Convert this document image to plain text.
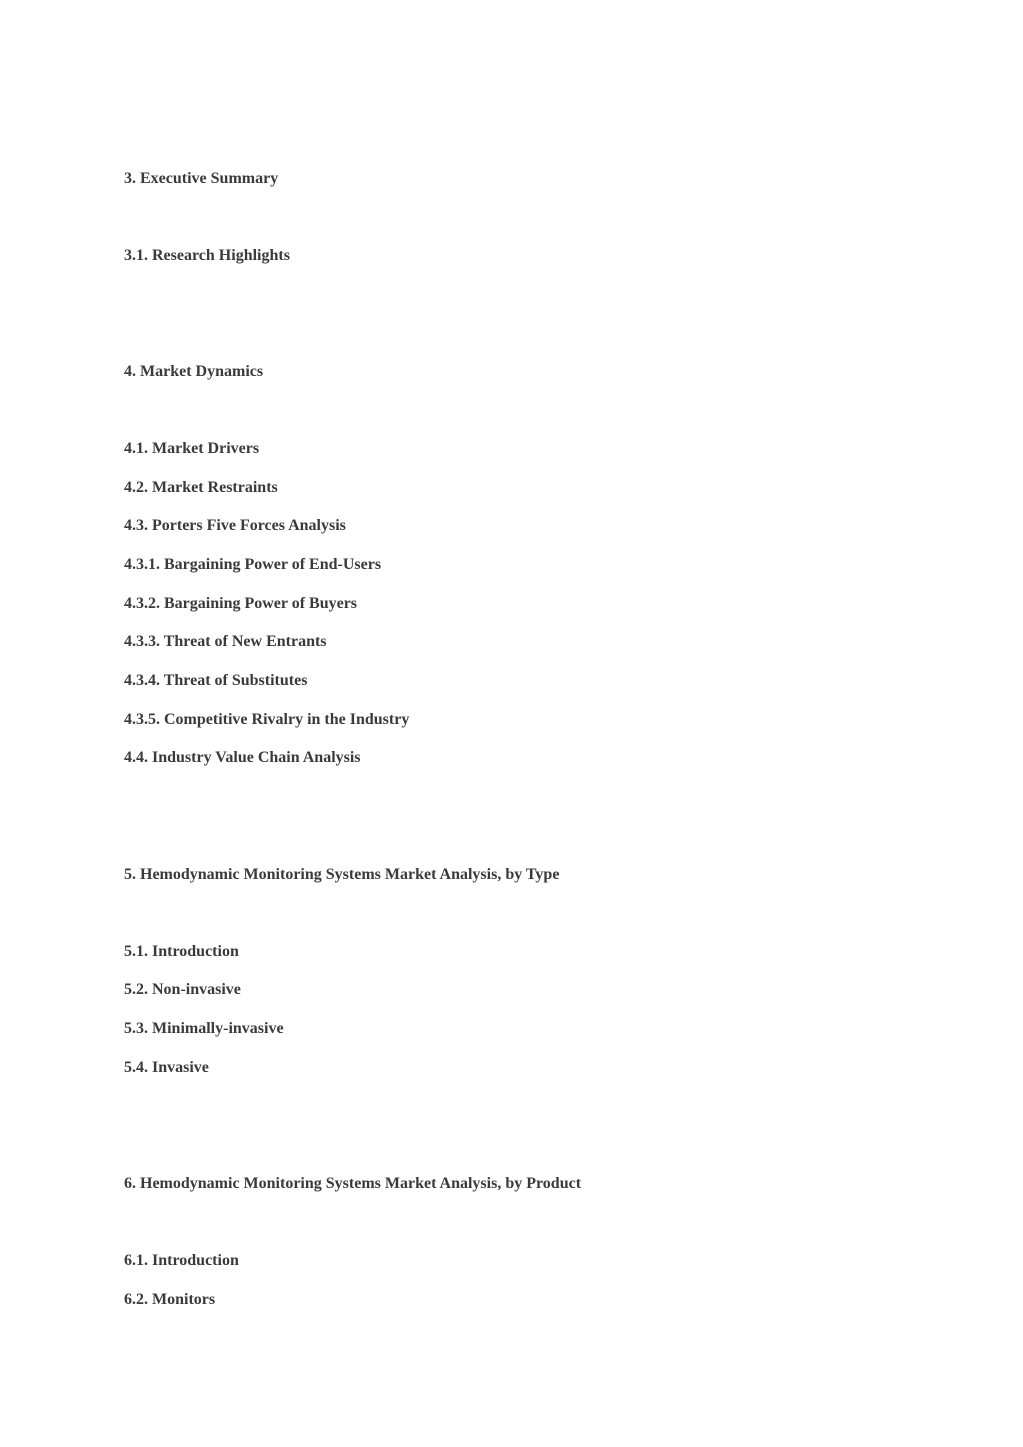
3. Executive Summary

3.1. Research Highlights

4. Market Dynamics

4.1. Market Drivers

4.2. Market Restraints

4.3. Porters Five Forces Analysis

4.3.1. Bargaining Power of End-Users

4.3.2. Bargaining Power of Buyers

4.3.3. Threat of New Entrants

4.3.4. Threat of Substitutes

4.3.5. Competitive Rivalry in the Industry

4.4. Industry Value Chain Analysis

5. Hemodynamic Monitoring Systems Market Analysis, by Type

5.1. Introduction

5.2. Non-invasive

5.3. Minimally-invasive

5.4. Invasive

6. Hemodynamic Monitoring Systems Market Analysis, by Product

6.1. Introduction

6.2. Monitors
